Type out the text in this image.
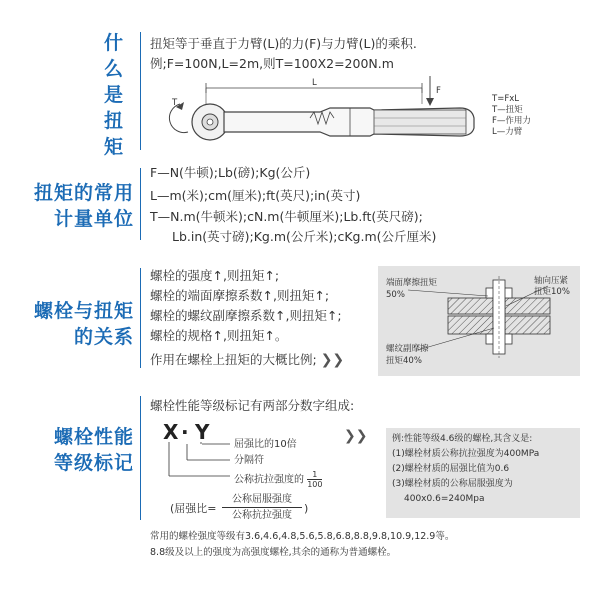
什
么
是
扭
矩
扭矩等于垂直于力臂(L)的力(F)与力臂(L)的乘积.
例;F=100N,L=2m,则T=100X2=200N.m
L
F
T	T=FxL
T—扭矩
F—作用力
L—力臂
扭矩的常用
计量单位
F—N(牛顿);Lb(磅);Kg(公斤)
L—m(米);cm(厘米);ft(英尺);in(英寸)
T—N.m(牛顿米);cN.m(牛顿厘米);Lb.ft(英尺磅);
Lb.in(英寸磅);Kg.m(公斤米);cKg.m(公斤厘米)
螺栓与扭矩
的关系
螺栓的强度↑,则扭矩↑;
螺栓的端面摩擦系数↑,则扭矩↑;
螺栓的螺纹副摩擦系数↑,则扭矩↑;
螺栓的规格↑,则扭矩↑。
作用在螺栓上扭矩的大概比例; ❯❯
端面摩擦扭矩
50%
轴向压紧
扭矩10%
螺纹副摩擦
扭矩40%
螺栓性能
等级标记
螺栓性能等级标记有两部分数字组成:
X · Y
屈强比的10倍
分隔符
公称抗拉强度的 $\frac{1}{100}$
(屈强比=
公称屈服强度
公称抗拉强度
)
❯❯	例:性能等级4.6级的螺栓,其含义是:
(1)螺栓材质公称抗拉强度为400MPa
(2)螺栓材质的屈强比值为0.6
(3)螺栓材质的公称屈服强度为
400x0.6=240Mpa
常用的螺栓强度等级有3.6,4.6,4.8,5.6,5.8,6.8,8.8,9.8,10.9,12.9等。
8.8级及以上的强度为高强度螺栓,其余的通称为普通螺栓。
